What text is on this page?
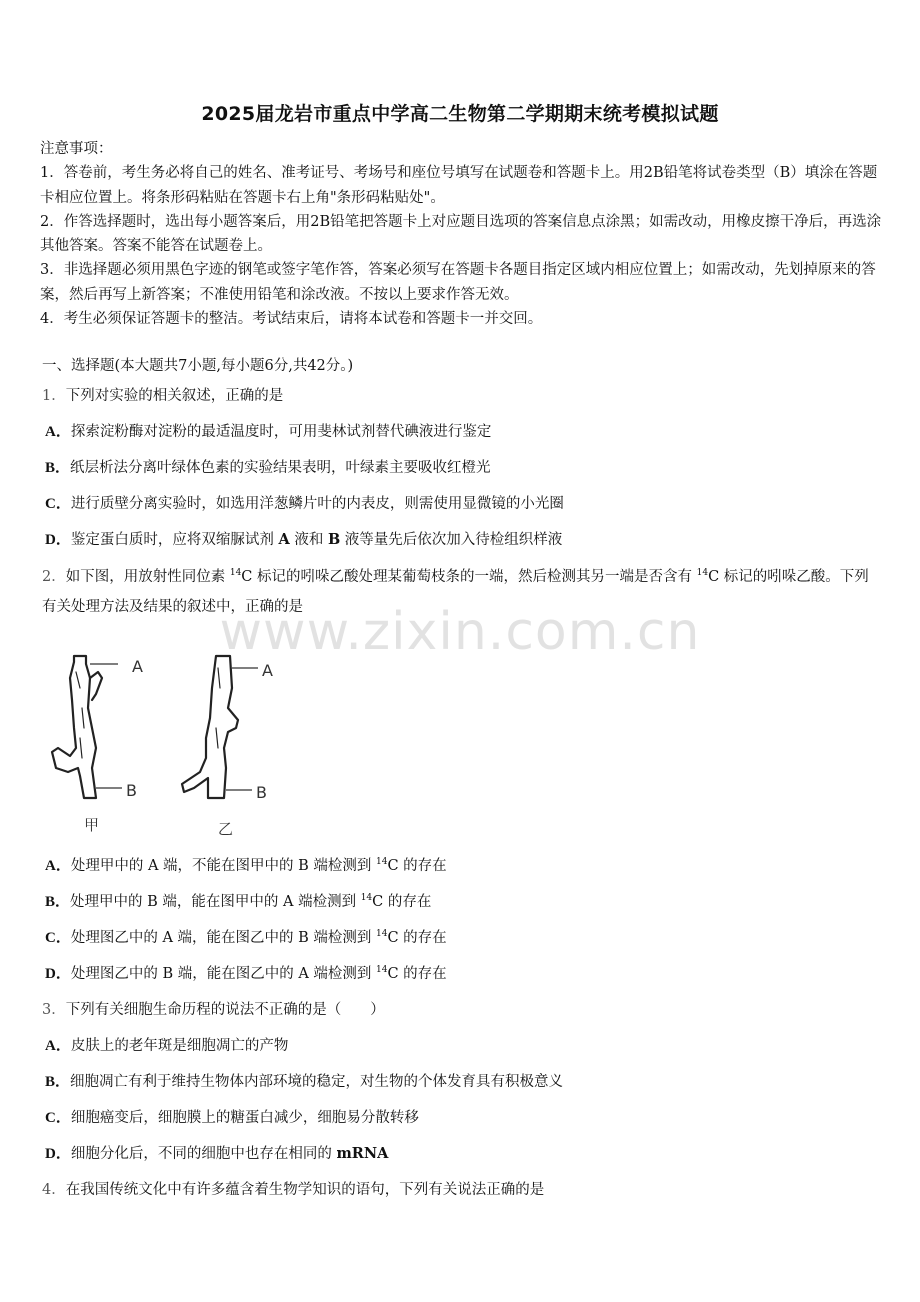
2025届龙岩市重点中学高二生物第二学期期末统考模拟试题

注意事项：

1．答卷前，考生务必将自己的姓名、准考证号、考场号和座位号填写在试题卷和答题卡上。用2B铅笔将试卷类型（B）填涂在答题卡相应位置上。将条形码粘贴在答题卡右上角"条形码粘贴处"。

2．作答选择题时，选出每小题答案后，用2B铅笔把答题卡上对应题目选项的答案信息点涂黑；如需改动，用橡皮擦干净后，再选涂其他答案。答案不能答在试题卷上。

3．非选择题必须用黑色字迹的钢笔或签字笔作答，答案必须写在答题卡各题目指定区域内相应位置上；如需改动，先划掉原来的答案，然后再写上新答案；不准使用铅笔和涂改液。不按以上要求作答无效。

4．考生必须保证答题卡的整洁。考试结束后，请将本试卷和答题卡一并交回。

一、选择题(本大题共7小题,每小题6分,共42分。)
1．下列对实验的相关叙述，正确的是
A．探索淀粉酶对淀粉的最适温度时，可用斐林试剂替代碘液进行鉴定
B．纸层析法分离叶绿体色素的实验结果表明，叶绿素主要吸收红橙光
C．进行质壁分离实验时，如选用洋葱鳞片叶的内表皮，则需使用显微镜的小光圈
D．鉴定蛋白质时，应将双缩脲试剂 A 液和 B 液等量先后依次加入待检组织样液
2．如下图，用放射性同位素 $^{14}$C 标记的吲哚乙酸处理某葡萄枝条的一端，然后检测其另一端是否含有 $^{14}$C 标记的吲哚乙酸。下列有关处理方法及结果的叙述中，正确的是
www.zixin.com.cn
A
B
甲
A
B
乙
A．处理甲中的 A 端，不能在图甲中的 B 端检测到 $^{14}$C 的存在
B．处理甲中的 B 端，能在图甲中的 A 端检测到 $^{14}$C 的存在
C．处理图乙中的 A 端，能在图乙中的 B 端检测到 $^{14}$C 的存在
D．处理图乙中的 B 端，能在图乙中的 A 端检测到 $^{14}$C 的存在
3．下列有关细胞生命历程的说法不正确的是（　　）
A．皮肤上的老年斑是细胞凋亡的产物
B．细胞凋亡有利于维持生物体内部环境的稳定，对生物的个体发育具有积极意义
C．细胞癌变后，细胞膜上的糖蛋白减少，细胞易分散转移
D．细胞分化后，不同的细胞中也存在相同的 mRNA
4．在我国传统文化中有许多蕴含着生物学知识的语句，下列有关说法正确的是
